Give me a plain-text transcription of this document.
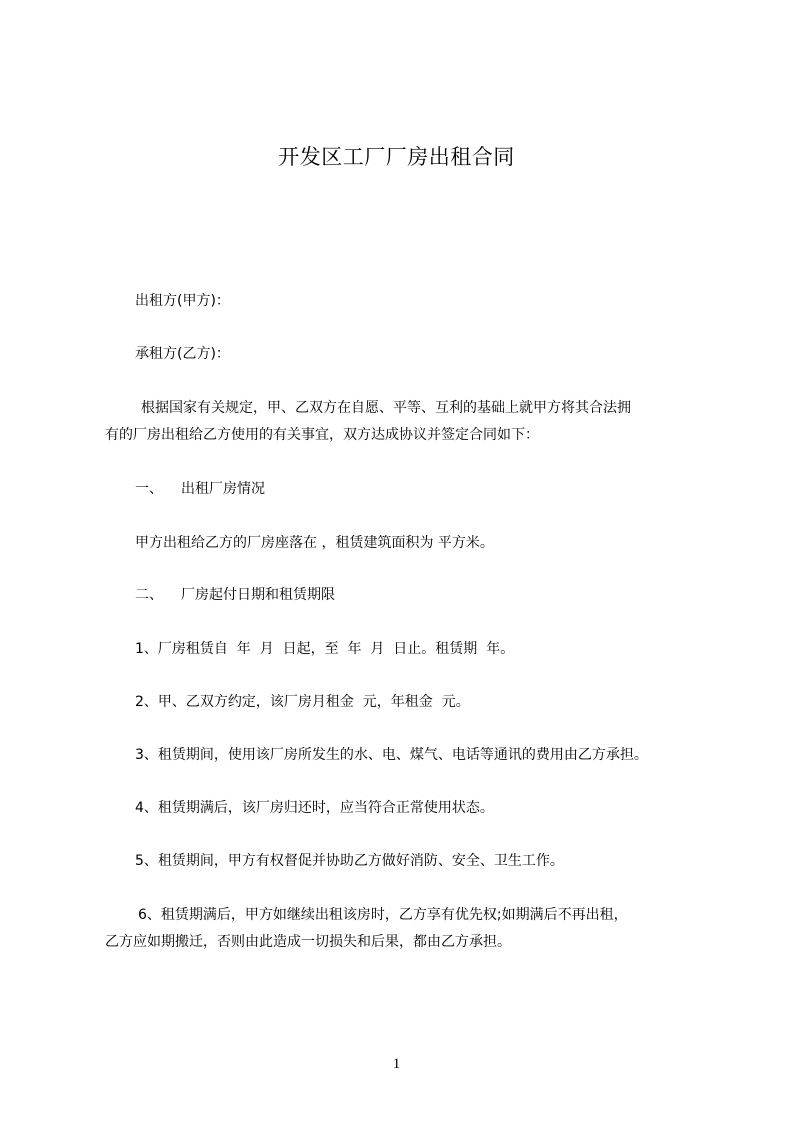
开发区工厂厂房出租合同
出租方(甲方)：
承租方(乙方)：
根据国家有关规定，甲、乙双方在自愿、平等、互利的基础上就甲方将其合法拥
有的厂房出租给乙方使用的有关事宜，双方达成协议并签定合同如下：
一、 出租厂房情况
甲方出租给乙方的厂房座落在 ，租赁建筑面积为 平方米。
二、 厂房起付日期和租赁期限
1、厂房租赁自  年  月  日起，至  年  月  日止。租赁期  年。
2、甲、乙双方约定，该厂房月租金  元，年租金  元。
3、租赁期间，使用该厂房所发生的水、电、煤气、电话等通讯的费用由乙方承担。
4、租赁期满后，该厂房归还时，应当符合正常使用状态。
5、租赁期间，甲方有权督促并协助乙方做好消防、安全、卫生工作。
6、租赁期满后，甲方如继续出租该房时，乙方享有优先权;如期满后不再出租，
乙方应如期搬迁，否则由此造成一切损失和后果，都由乙方承担。
1
